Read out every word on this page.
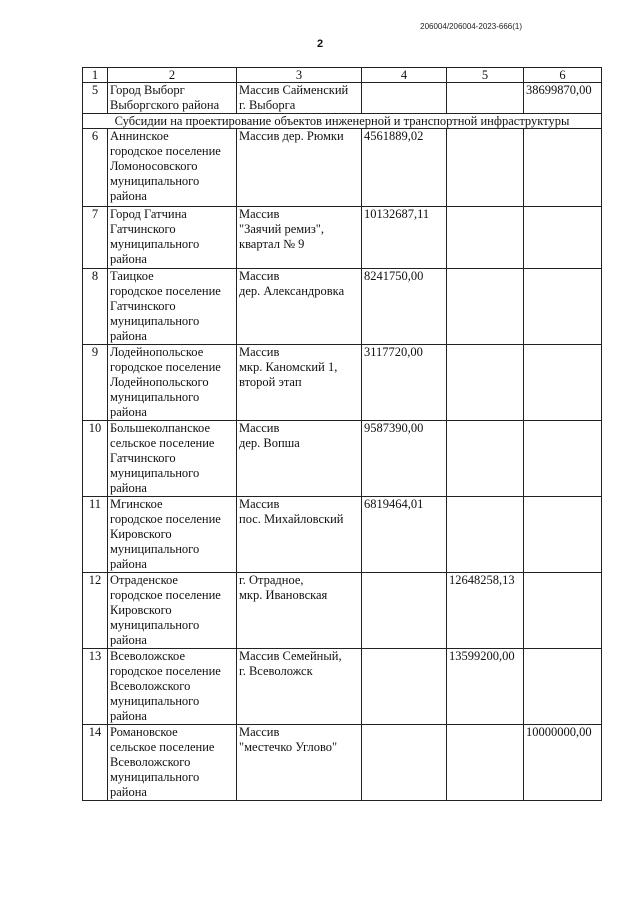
206004/206004-2023-666(1)
2
1	2	3	4	5	6
5	Город Выборг
Выборгского района	Массив Сайменский
г. Выборга			38699870,00
Субсидии на проектирование объектов инженерной и транспортной инфраструктуры					
6	Аннинское
городское поселение
Ломоносовского
муниципального
района	Массив дер. Рюмки	4561889,02		
7	Город Гатчина
Гатчинского
муниципального
района	Массив
"Заячий ремиз",
квартал № 9	10132687,11		
8	Таицкое
городское поселение
Гатчинского
муниципального
района	Массив
дер. Александровка	8241750,00		
9	Лодейнопольское
городское поселение
Лодейнопольского
муниципального
района	Массив
мкр. Каномский 1,
второй этап	3117720,00		
10	Большеколпанское
сельское поселение
Гатчинского
муниципального
района	Массив
дер. Вопша	9587390,00		
11	Мгинское
городское поселение
Кировского
муниципального
района	Массив
пос. Михайловский	6819464,01		
12	Отраденское
городское поселение
Кировского
муниципального
района	г. Отрадное,
мкр. Ивановская		12648258,13	
13	Всеволожское
городское поселение
Всеволожского
муниципального
района	Массив Семейный,
г. Всеволожск		13599200,00	
14	Романовское
сельское поселение
Всеволожского
муниципального
района	Массив
"местечко Углово"			10000000,00
